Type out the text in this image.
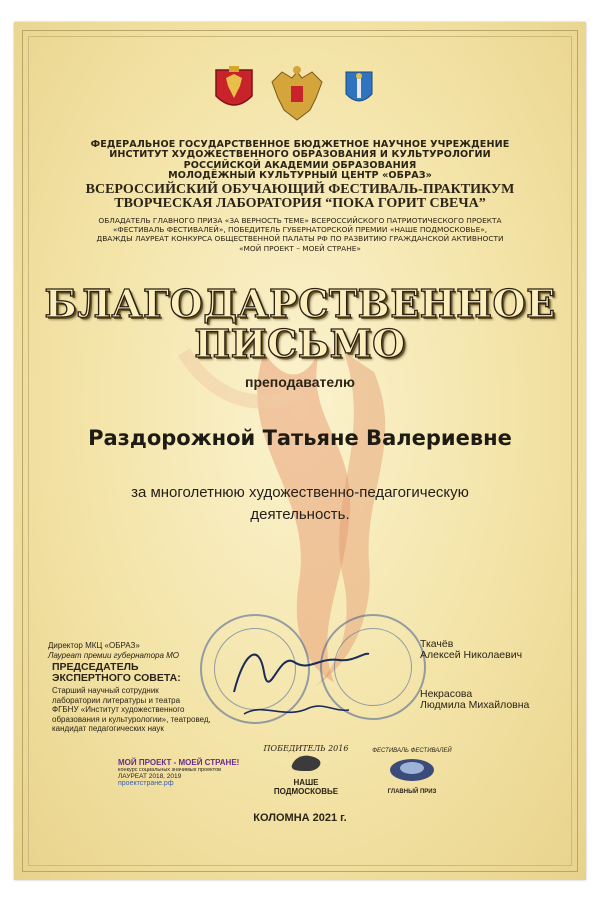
ФЕДЕРАЛЬНОЕ ГОСУДАРСТВЕННОЕ БЮДЖЕТНОЕ НАУЧНОЕ УЧРЕЖДЕНИЕ
ИНСТИТУТ ХУДОЖЕСТВЕННОГО ОБРАЗОВАНИЯ И КУЛЬТУРОЛОГИИ
РОССИЙСКОЙ АКАДЕМИИ ОБРАЗОВАНИЯ
МОЛОДЁЖНЫЙ КУЛЬТУРНЫЙ ЦЕНТР «ОБРАЗ»
ВСЕРОССИЙСКИЙ ОБУЧАЮЩИЙ ФЕСТИВАЛЬ-ПРАКТИКУМ
ТВОРЧЕСКАЯ ЛАБОРАТОРИЯ “ПОКА ГОРИТ СВЕЧА”
ОБЛАДАТЕЛЬ ГЛАВНОГО ПРИЗА «ЗА ВЕРНОСТЬ ТЕМЕ» ВСЕРОССИЙСКОГО ПАТРИОТИЧЕСКОГО ПРОЕКТА
«ФЕСТИВАЛЬ ФЕСТИВАЛЕЙ», ПОБЕДИТЕЛЬ ГУБЕРНАТОРСКОЙ ПРЕМИИ «НАШЕ ПОДМОСКОВЬЕ»,
ДВАЖДЫ ЛАУРЕАТ КОНКУРСА ОБЩЕСТВЕННОЙ ПАЛАТЫ РФ ПО РАЗВИТИЮ ГРАЖДАНСКОЙ АКТИВНОСТИ
«МОЙ ПРОЕКТ – МОЕЙ СТРАНЕ»
БЛАГОДАРСТВЕННОЕ
ПИСЬМО
преподавателю
Раздорожной Татьяне Валериевне
за многолетнюю художественно-педагогическую
деятельность.
Директор МКЦ «ОБРАЗ»
Лауреат премии губернатора МО
Ткачёв
Алексей Николаевич
ПРЕДСЕДАТЕЛЬ
ЭКСПЕРТНОГО СОВЕТА:
Старший научный сотрудник
лаборатории литературы и театра
ФГБНУ «Институт художественного
образования и культурологии», театровед,
кандидат педагогических наук
Некрасова
Людмила Михайловна
МОЙ ПРОЕКТ - МОЕЙ СТРАНЕ!
конкурс социальных значимых проектов
ЛАУРЕАТ 2018, 2019
проектстране.рф
ПОБЕДИТЕЛЬ 2016
НАШЕ
ПОДМОСКОВЬЕ
ФЕСТИВАЛЬ ФЕСТИВАЛЕЙ
ГЛАВНЫЙ ПРИЗ
КОЛОМНА 2021 г.
